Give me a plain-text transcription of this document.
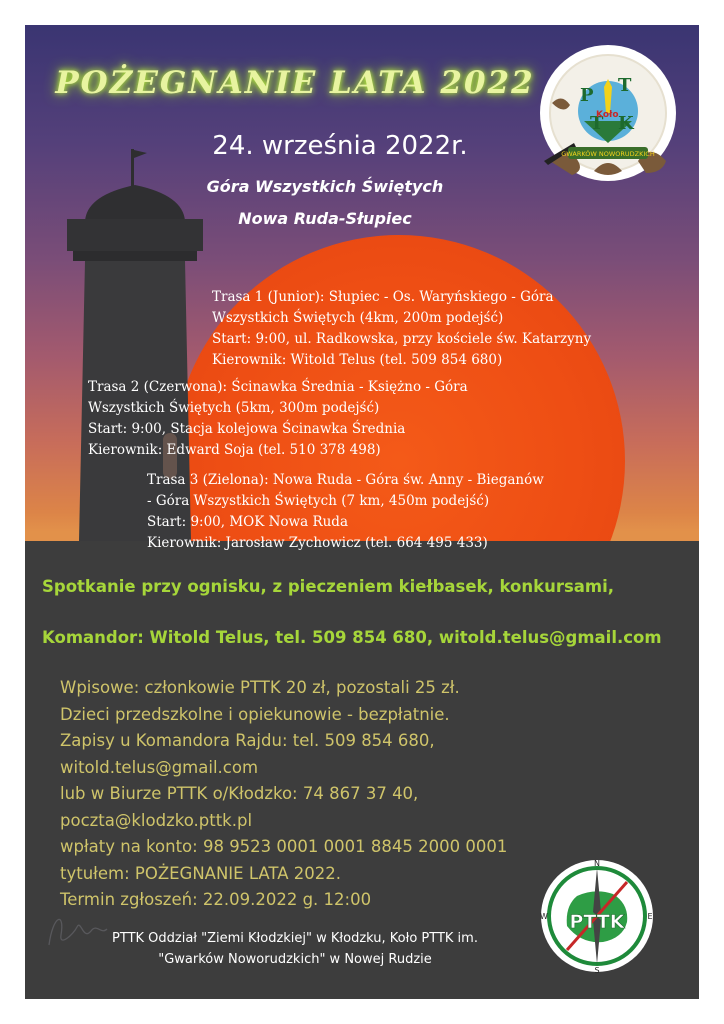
POŻEGNANIE LATA 2022
24. września 2022r.
Góra Wszystkich Świętych
Nowa Ruda-Słupiec
Trasa 1 (Junior): Słupiec - Os. Waryńskiego - Góra
Wszystkich Świętych (4km, 200m podejść)
Start: 9:00, ul. Radkowska, przy kościele św. Katarzyny
Kierownik: Witold Telus (tel. 509 854 680)
Trasa 2 (Czerwona): Ścinawka Średnia - Księżno - Góra
Wszystkich Świętych (5km, 300m podejść)
Start: 9:00, Stacja kolejowa Ścinawka Średnia
Kierownik: Edward Soja (tel. 510 378 498)
Trasa 3 (Zielona): Nowa Ruda - Góra św. Anny - Bieganów
- Góra Wszystkich Świętych (7 km, 450m podejść)
Start: 9:00, MOK Nowa Ruda
Kierownik: Jarosław Zychowicz (tel. 664 495 433)
Spotkanie przy ognisku, z pieczeniem kiełbasek, konkursami,
Komandor: Witold Telus, tel. 509 854 680, witold.telus@gmail.com
Wpisowe: członkowie PTTK 20 zł, pozostali 25 zł.
Dzieci przedszkolne i opiekunowie - bezpłatnie.
Zapisy u Komandora Rajdu: tel. 509 854 680,
witold.telus@gmail.com
lub w Biurze PTTK o/Kłodzko: 74 867 37 40,
poczta@klodzko.pttk.pl
wpłaty na konto: 98 9523 0001 0001 8845 2000 0001
tytułem: POŻEGNANIE LATA 2022.
Termin zgłoszeń: 22.09.2022 g. 12:00
PTTK Oddział "Ziemi Kłodzkiej" w Kłodzku, Koło PTTK im.
"Gwarków Noworudzkich" w Nowej Rudzie
P T
T K
Koło
GWARKÓW NOWORUDZKICH
PTTK
N
E
S
W
